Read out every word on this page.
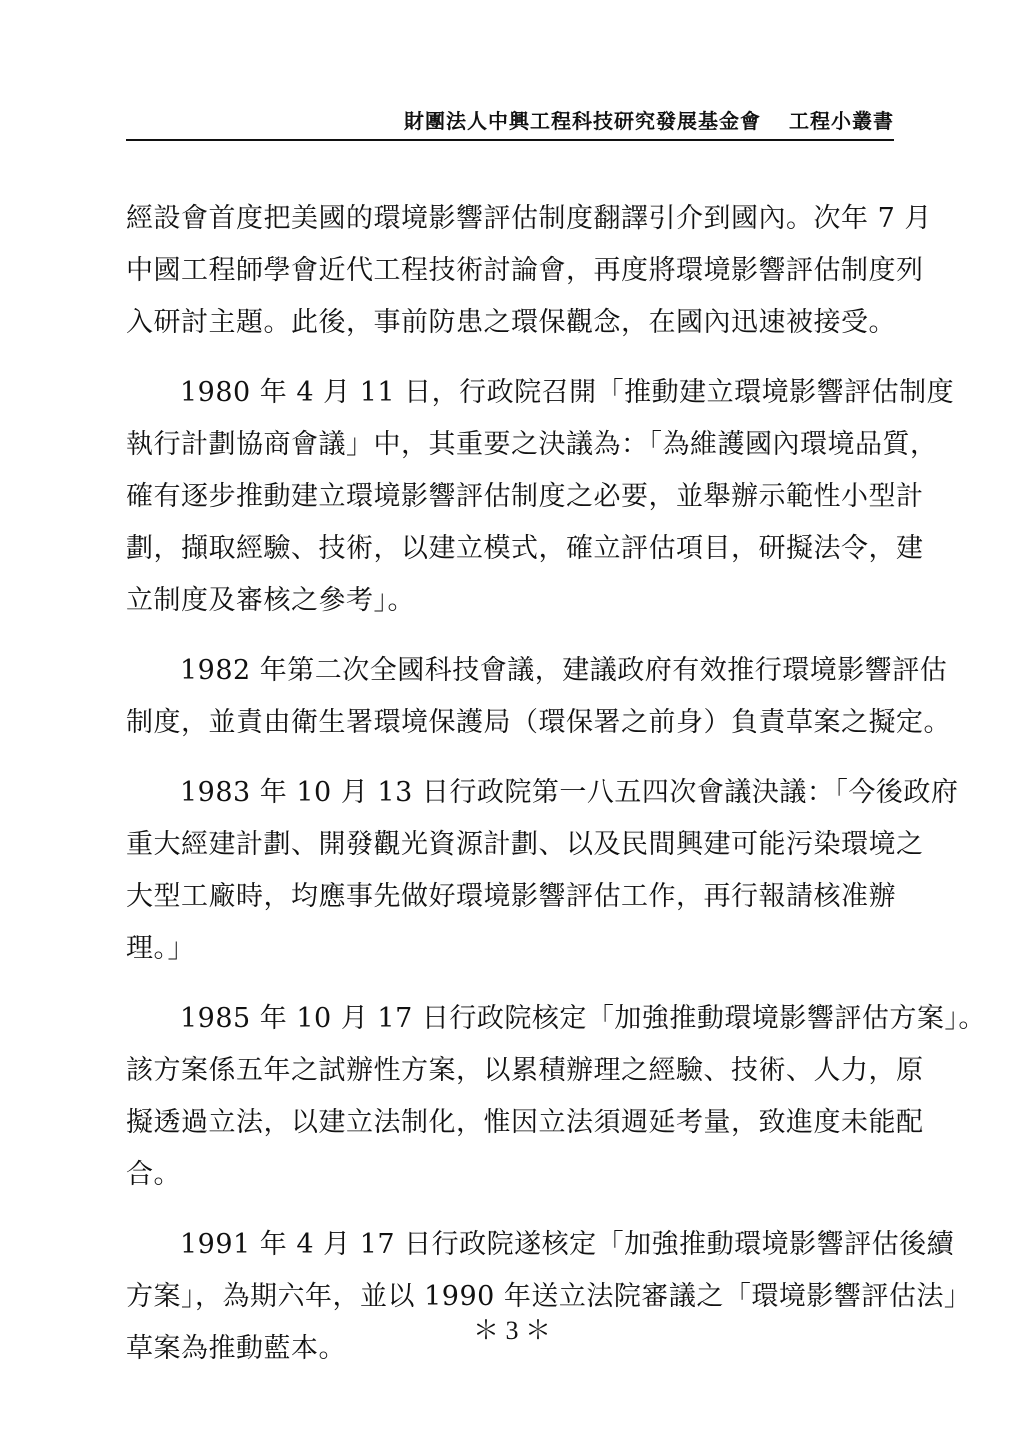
財團法人中興工程科技研究發展基金會 工程小叢書
經設會首度把美國的環境影響評估制度翻譯引介到國內。次年 7 月
中國工程師學會近代工程技術討論會，再度將環境影響評估制度列
入研討主題。此後，事前防患之環保觀念，在國內迅速被接受。
1980 年 4 月 11 日，行政院召開「推動建立環境影響評估制度
執行計劃協商會議」中，其重要之決議為：「為維護國內環境品質，
確有逐步推動建立環境影響評估制度之必要，並舉辦示範性小型計
劃，擷取經驗、技術，以建立模式，確立評估項目，研擬法令，建
立制度及審核之參考」。
1982 年第二次全國科技會議，建議政府有效推行環境影響評估
制度，並責由衛生署環境保護局（環保署之前身）負責草案之擬定。
1983 年 10 月 13 日行政院第一八五四次會議決議：「今後政府
重大經建計劃、開發觀光資源計劃、以及民間興建可能污染環境之
大型工廠時，均應事先做好環境影響評估工作，再行報請核准辦
理。」
1985 年 10 月 17 日行政院核定「加強推動環境影響評估方案」。
該方案係五年之試辦性方案，以累積辦理之經驗、技術、人力，原
擬透過立法，以建立法制化，惟因立法須週延考量，致進度未能配
合。
1991 年 4 月 17 日行政院遂核定「加強推動環境影響評估後續
方案」，為期六年，並以 1990 年送立法院審議之「環境影響評估法」
草案為推動藍本。
＊ 3 ＊
